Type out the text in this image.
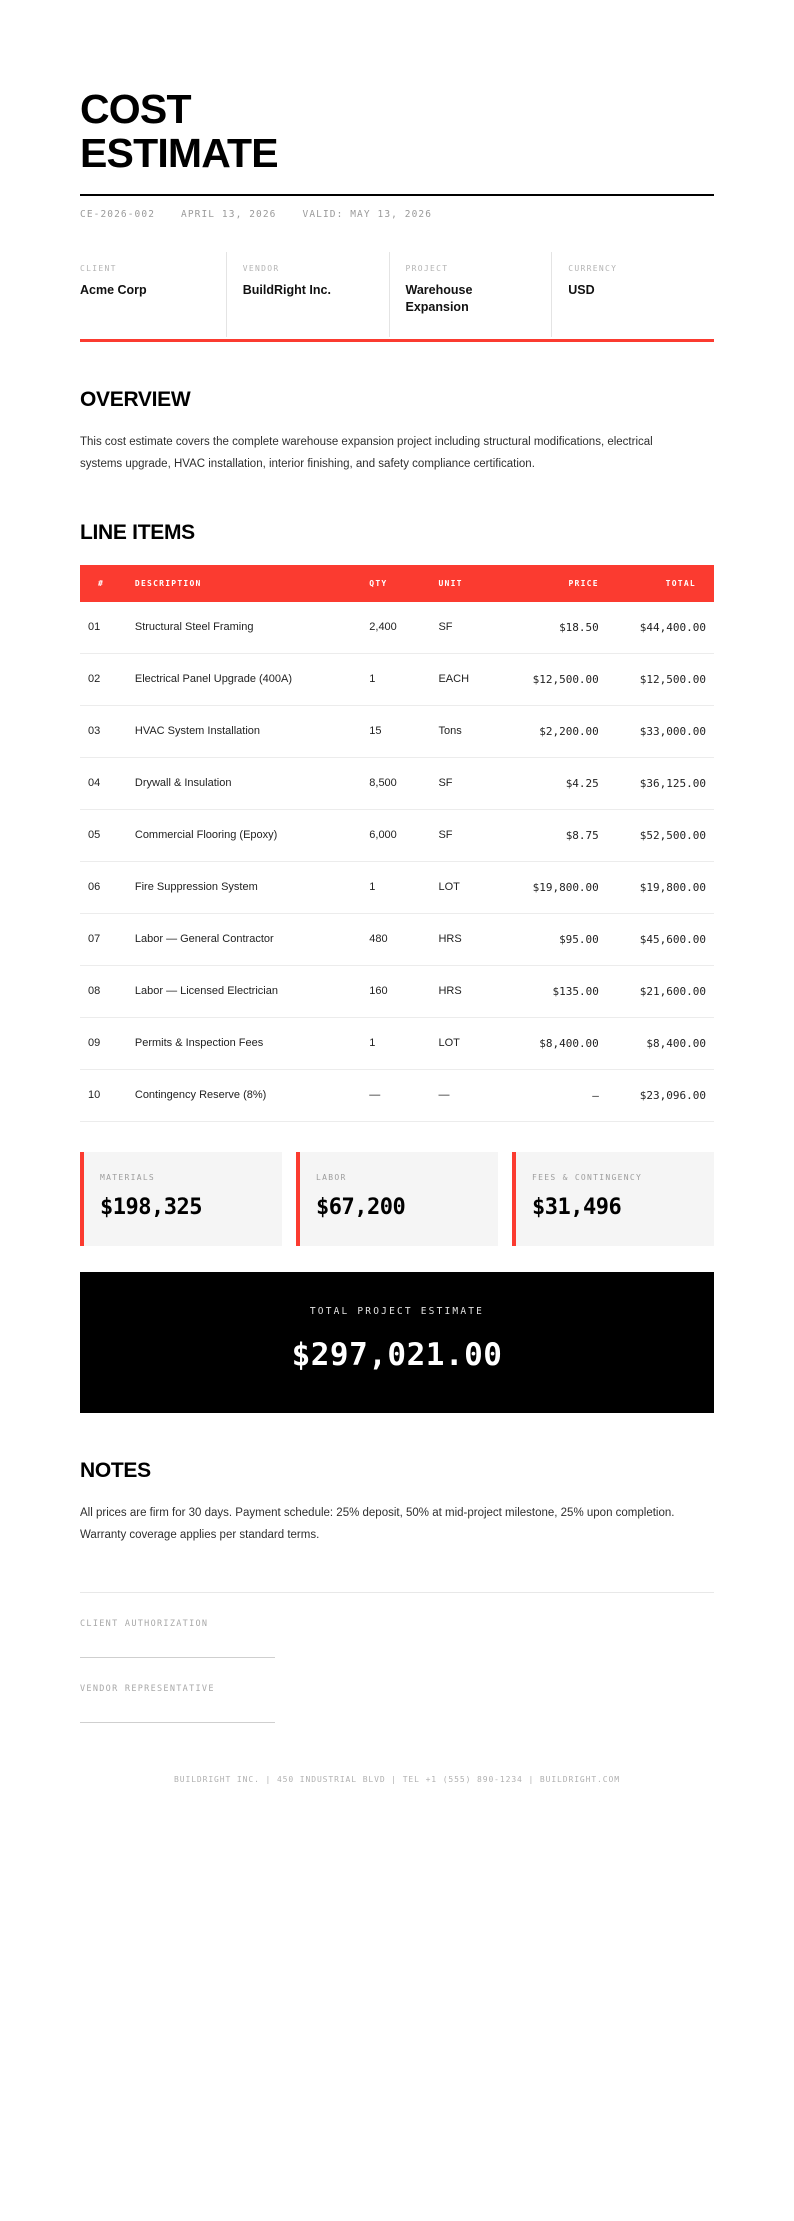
COST ESTIMATE
CE-2026-002	APRIL 13, 2026	VALID: MAY 13, 2026
CLIENT
Acme Corp
VENDOR
BuildRight Inc.
PROJECT
Warehouse Expansion
CURRENCY
USD
OVERVIEW

This cost estimate covers the complete warehouse expansion project including structural modifications, electrical systems upgrade, HVAC installation, interior finishing, and safety compliance certification.

LINE ITEMS
#	DESCRIPTION	QTY	UNIT	PRICE	TOTAL
01	Structural Steel Framing	2,400	SF	$18.50	$44,400.00
02	Electrical Panel Upgrade (400A)	1	EACH	$12,500.00	$12,500.00
03	HVAC System Installation	15	Tons	$2,200.00	$33,000.00
04	Drywall & Insulation	8,500	SF	$4.25	$36,125.00
05	Commercial Flooring (Epoxy)	6,000	SF	$8.75	$52,500.00
06	Fire Suppression System	1	LOT	$19,800.00	$19,800.00
07	Labor — General Contractor	480	HRS	$95.00	$45,600.00
08	Labor — Licensed Electrician	160	HRS	$135.00	$21,600.00
09	Permits & Inspection Fees	1	LOT	$8,400.00	$8,400.00
10	Contingency Reserve (8%)	—	—	–	$23,096.00
MATERIALS
$198,325
LABOR
$67,200
FEES & CONTINGENCY
$31,496
TOTAL PROJECT ESTIMATE
$297,021.00
NOTES

All prices are firm for 30 days. Payment schedule: 25% deposit, 50% at mid-project milestone, 25% upon completion. Warranty coverage applies per standard terms.

CLIENT AUTHORIZATION
VENDOR REPRESENTATIVE
BUILDRIGHT INC. | 450 INDUSTRIAL BLVD | TEL +1 (555) 890-1234 | BUILDRIGHT.COM
